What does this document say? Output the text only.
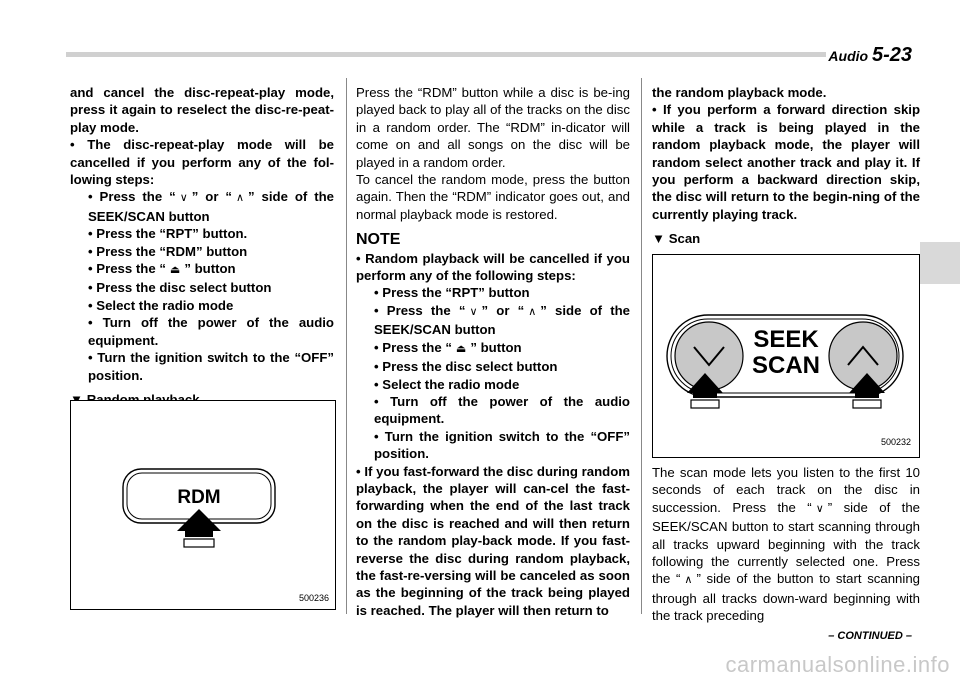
Audio 5-23

and cancel the disc-repeat-play mode, press it again to reselect the disc-re-peat-play mode.

• The disc-repeat-play mode will be cancelled if you perform any of the fol-lowing steps:

• Press the “ ∨ ” or “ ∧ ” side of the SEEK/SCAN button

• Press the “RPT” button.

• Press the “RDM” button

• Press the “ ⏏ ” button

• Press the disc select button

• Select the radio mode

• Turn off the power of the audio equipment.

• Turn the ignition switch to the “OFF” position.

RDM
500236

Press the “RDM” button while a disc is be-ing played back to play all of the tracks on the disc in a random order. The “RDM” in-dicator will come on and all songs on the disc will be played in a random order.

To cancel the random mode, press the button again. Then the “RDM” indicator goes out, and normal playback mode is restored.

NOTE

• Random playback will be cancelled if you perform any of the following steps:

• Press the “RPT” button

• Press the “ ∨ ” or “ ∧ ” side of the SEEK/SCAN button

• Press the “ ⏏ ” button

• Press the disc select button

• Select the radio mode

• Turn off the power of the audio equipment.

• Turn the ignition switch to the “OFF” position.

• If you fast-forward the disc during random playback, the player will can-cel the fast-forwarding when the end of the last track on the disc is reached and will then return to the random play-back mode. If you fast-reverse the disc during random playback, the fast-re-versing will be canceled as soon as the beginning of the track being played is reached. The player will then return to

the random playback mode.

• If you perform a forward direction skip while a track is being played in the random playback mode, the player will random select another track and play it. If you perform a backward direction skip, the disc will return to the begin-ning of the currently playing track.

▼ Scan

SEEK
SCAN
500232

The scan mode lets you listen to the first 10 seconds of each track on the disc in succession. Press the “ ∨ ” side of the SEEK/SCAN button to start scanning through all tracks upward beginning with the track following the currently selected one. Press the “ ∧ ” side of the button to start scanning through all tracks down-ward beginning with the track preceding

– CONTINUED –
carmanualsonline.info
